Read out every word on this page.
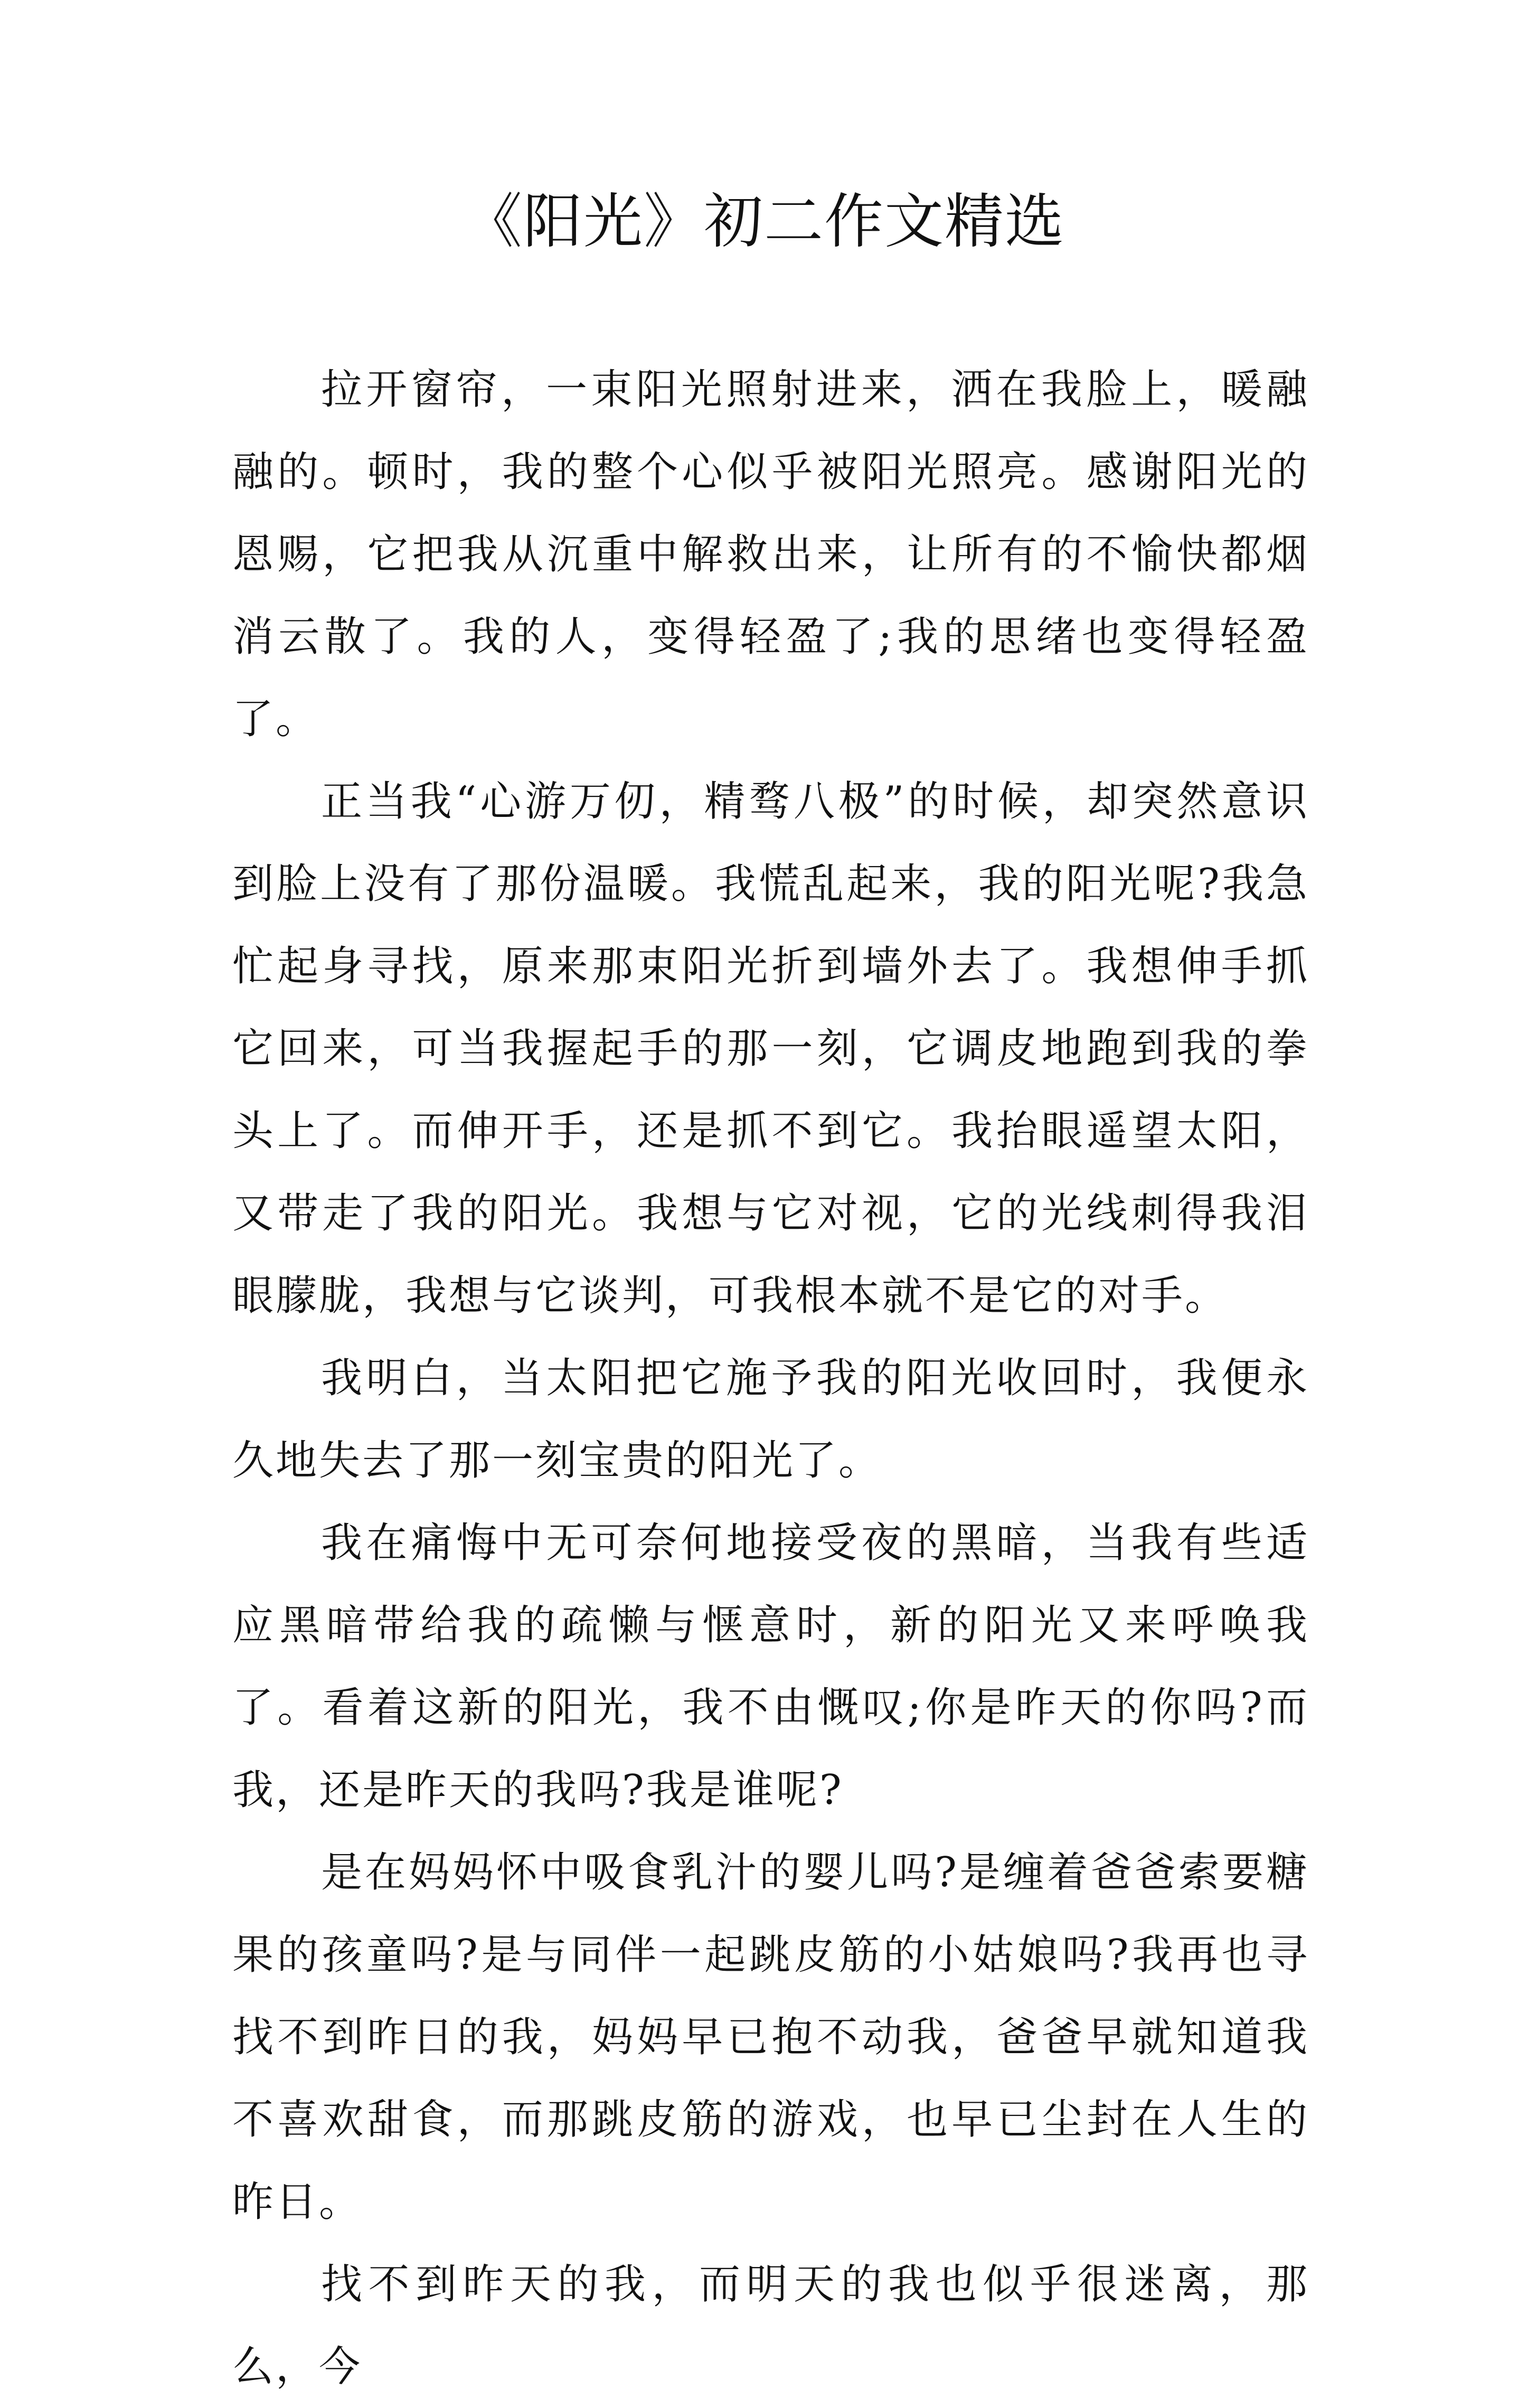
《阳光》初二作文精选

拉开窗帘，一束阳光照射进来，洒在我脸上，暖融融的。顿时，我的整个心似乎被阳光照亮。感谢阳光的恩赐，它把我从沉重中解救出来，让所有的不愉快都烟消云散了。我的人，变得轻盈了;我的思绪也变得轻盈了。

正当我“心游万仞，精骛八极”的时候，却突然意识到脸上没有了那份温暖。我慌乱起来，我的阳光呢?我急忙起身寻找，原来那束阳光折到墙外去了。我想伸手抓它回来，可当我握起手的那一刻，它调皮地跑到我的拳头上了。而伸开手，还是抓不到它。我抬眼遥望太阳，又带走了我的阳光。我想与它对视，它的光线刺得我泪眼朦胧，我想与它谈判，可我根本就不是它的对手。

我明白，当太阳把它施予我的阳光收回时，我便永久地失去了那一刻宝贵的阳光了。

我在痛悔中无可奈何地接受夜的黑暗，当我有些适应黑暗带给我的疏懒与惬意时，新的阳光又来呼唤我了。看着这新的阳光，我不由慨叹;你是昨天的你吗?而我，还是昨天的我吗?我是谁呢?

是在妈妈怀中吸食乳汁的婴儿吗?是缠着爸爸索要糖果的孩童吗?是与同伴一起跳皮筋的小姑娘吗?我再也寻找不到昨日的我，妈妈早已抱不动我，爸爸早就知道我不喜欢甜食，而那跳皮筋的游戏，也早已尘封在人生的昨日。

找不到昨天的我，而明天的我也似乎很迷离，那么，今
